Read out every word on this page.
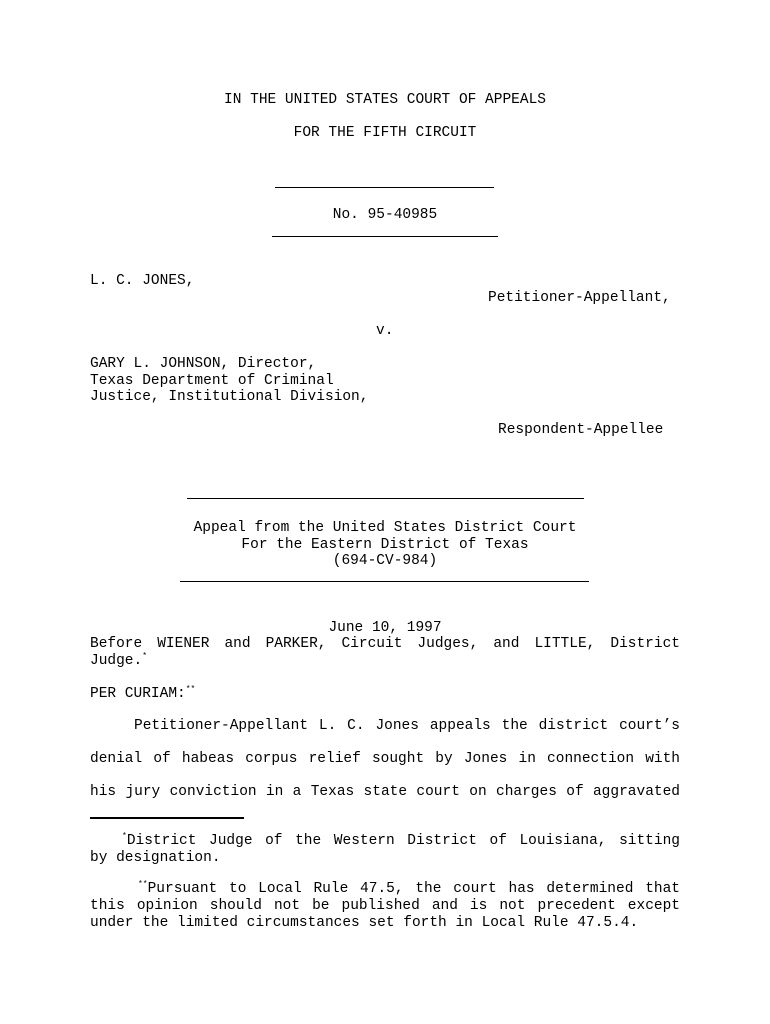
IN THE UNITED STATES COURT OF APPEALS
FOR THE FIFTH CIRCUIT
No. 95-40985
L. C. JONES,
Petitioner-Appellant,
v.
GARY L. JOHNSON, Director,
Texas Department of Criminal
Justice, Institutional Division,
Respondent-Appellee
Appeal from the United States District Court
For the Eastern District of Texas
(694-CV-984)
June 10, 1997
Before WIENER and PARKER, Circuit Judges, and LITTLE, District
Judge.*
PER CURIAM:**
Petitioner-Appellant L. C. Jones appeals the district court’s
denial of habeas corpus relief sought by Jones in connection with
his jury conviction in a Texas state court on charges of aggravated
*District Judge of the Western District of Louisiana, sitting
by designation.
**Pursuant to Local Rule 47.5, the court has determined that
this opinion should not be published and is not precedent except
under the limited circumstances set forth in Local Rule 47.5.4.
